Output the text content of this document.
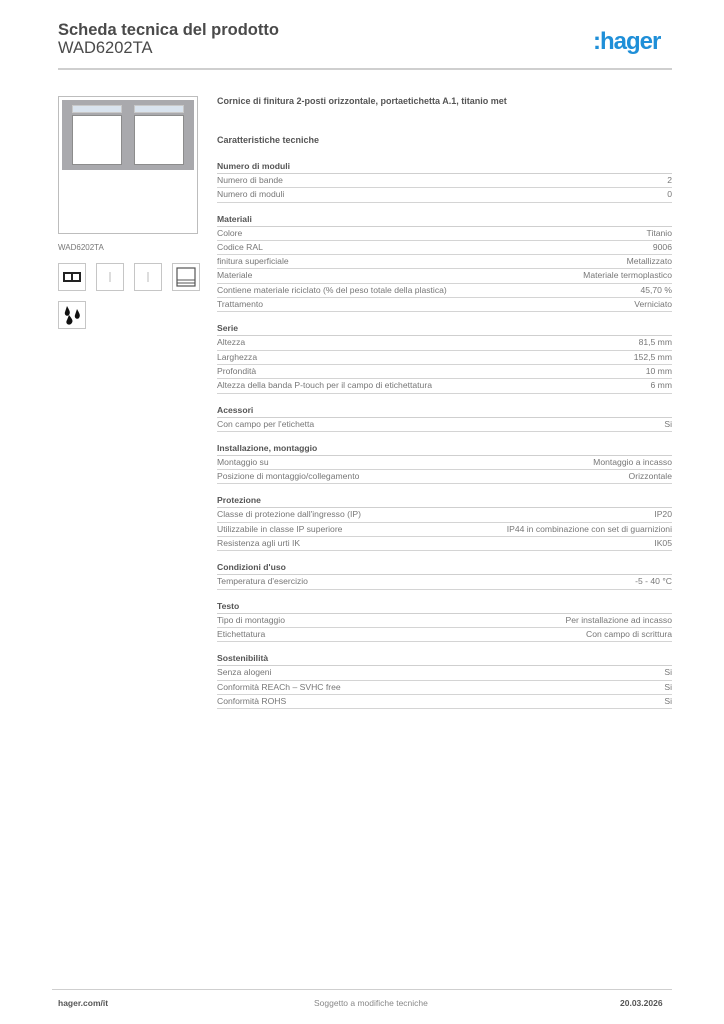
Scheda tecnica del prodotto
WAD6202TA	:hager
WAD6202TA
Cornice di finitura 2-posti orizzontale, portaetichetta A.1, titanio met
Caratteristiche tecniche
Numero di moduli
Numero di bande	2
Numero di moduli	0
Materiali
Colore	Titanio
Codice RAL	9006
finitura superficiale	Metallizzato
Materiale	Materiale termoplastico
Contiene materiale riciclato (% del peso totale della plastica)	45,70 %
Trattamento	Verniciato
Serie
Altezza	81,5 mm
Larghezza	152,5 mm
Profondità	10 mm
Altezza della banda P-touch per il campo di etichettatura	6 mm
Acessori
Con campo per l'etichetta	Si
Installazione, montaggio
Montaggio su	Montaggio a incasso
Posizione di montaggio/collegamento	Orizzontale
Protezione
Classe di protezione dall'ingresso (IP)	IP20
Utilizzabile in classe IP superiore	IP44 in combinazione con set di guarnizioni
Resistenza agli urti IK	IK05
Condizioni d'uso
Temperatura d'esercizio	-5 - 40 °C
Testo
Tipo di montaggio	Per installazione ad incasso
Etichettatura	Con campo di scrittura
Sostenibilità
Senza alogeni	Si
Conformità REACh – SVHC free	Si
Conformità ROHS	Si
hager.com/it	Soggetto a modifiche tecniche	20.03.2026
